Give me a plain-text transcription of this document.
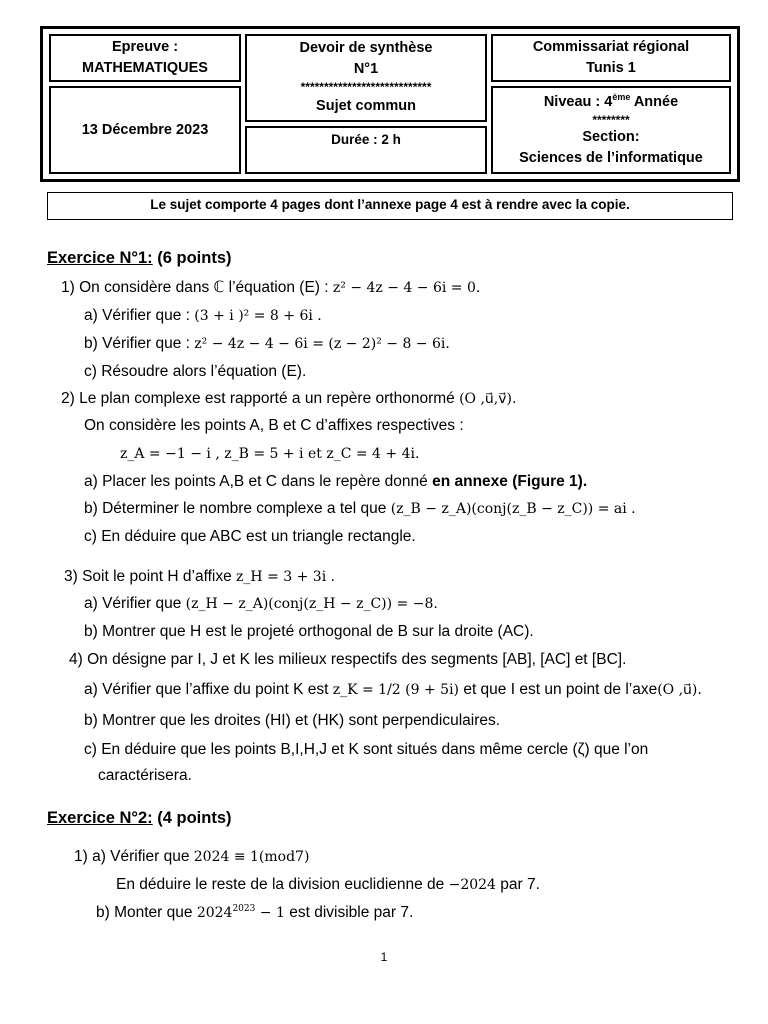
Epreuve :
MATHEMATIQUES
Devoir de synthèse
N°1
****************************
Sujet commun
Commissariat régional
Tunis 1
13 Décembre 2023
Durée : 2 h
Niveau : 4ème Année
********
Section:
Sciences de l’informatique
Le sujet comporte 4 pages dont l’annexe page 4 est à rendre avec la copie.
Exercice N°1: (6 points)
1) On considère dans ℂ l’équation (E) : z² − 4z − 4 − 6i = 0.
a) Vérifier que : (3 + i )² = 8 + 6i .
b) Vérifier que : z² − 4z − 4 − 6i = (z − 2)² − 8 − 6i.
c) Résoudre alors l’équation (E).
2) Le plan complexe est rapporté a un repère orthonormé (O ,u⃗,v⃗).
On considère les points A, B et C d’affixes respectives :
z_A = −1 − i , z_B = 5 + i et z_C = 4 + 4i.
a) Placer les points A,B et C dans le repère donné en annexe (Figure 1).
b) Déterminer le nombre complexe a tel que (z_B − z_A)(conj(z_B − z_C)) = ai .
c) En déduire que ABC est un triangle rectangle.
3) Soit le point H d’affixe z_H = 3 + 3i .
a) Vérifier que (z_H − z_A)(conj(z_H − z_C)) = −8.
b) Montrer que H est le projeté orthogonal de B sur la droite (AC).
4) On désigne par I, J et K les milieux respectifs des segments [AB], [AC] et [BC].
a) Vérifier que l’affixe du point K est z_K = 1/2 (9 + 5i) et que I est un point de l’axe(O ,u⃗).
b) Montrer que les droites (HI) et (HK) sont perpendiculaires.
c) En déduire que les points B,I,H,J et K sont situés dans même cercle (ζ) que l’on
caractérisera.
Exercice N°2: (4 points)
1) a) Vérifier que 2024 ≡ 1(mod7)
En déduire le reste de la division euclidienne de −2024 par 7.
b) Monter que $2024^{2023} - 1$ est divisible par 7.
1
